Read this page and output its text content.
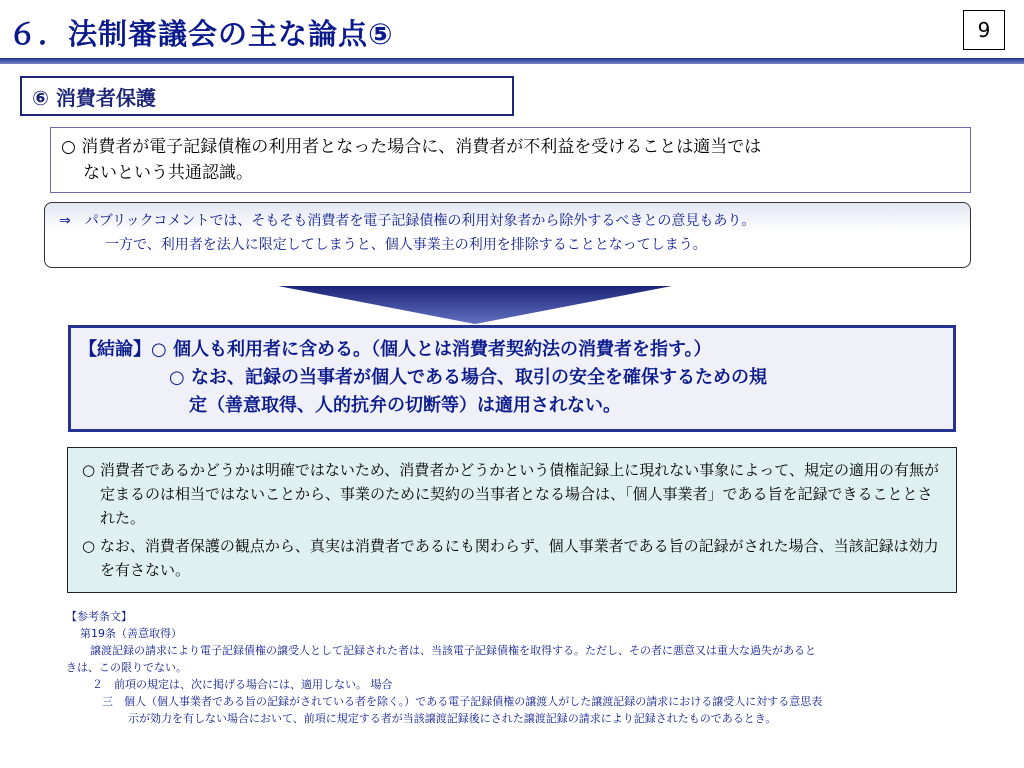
６．法制審議会の主な論点⑤	9
⑥ 消費者保護
○ 消費者が電子記録債権の利用者となった場合に、消費者が不利益を受けることは適当では
ないという共通認識。
⇒　パブリックコメントでは、そもそも消費者を電子記録債権の利用対象者から除外するべきとの意見もあり。
一方で、利用者を法人に限定してしまうと、個人事業主の利用を排除することとなってしまう。
【結論】○ 個人も利用者に含める。（個人とは消費者契約法の消費者を指す。）
○ なお、記録の当事者が個人である場合、取引の安全を確保するための規
定（善意取得、人的抗弁の切断等）は適用されない。

○ 消費者であるかどうかは明確ではないため、消費者かどうかという債権記録上に現れない事象によって、規定の適用の有無が定まるのは相当ではないことから、事業のために契約の当事者となる場合は、「個人事業者」である旨を記録できることとされた。

○ なお、消費者保護の観点から、真実は消費者であるにも関わらず、個人事業者である旨の記録がされた場合、当該記録は効力を有さない。

【参考条文】
第19条（善意取得）
譲渡記録の請求により電子記録債権の譲受人として記録された者は、当該電子記録債権を取得する。ただし、その者に悪意又は重大な過失があると
きは、この限りでない。
２　前項の規定は、次に掲げる場合には、適用しない。 場合
三　個人（個人事業者である旨の記録がされている者を除く。）である電子記録債権の譲渡人がした譲渡記録の請求における譲受人に対する意思表
示が効力を有しない場合において、前項に規定する者が当該譲渡記録後にされた譲渡記録の請求により記録されたものであるとき。
